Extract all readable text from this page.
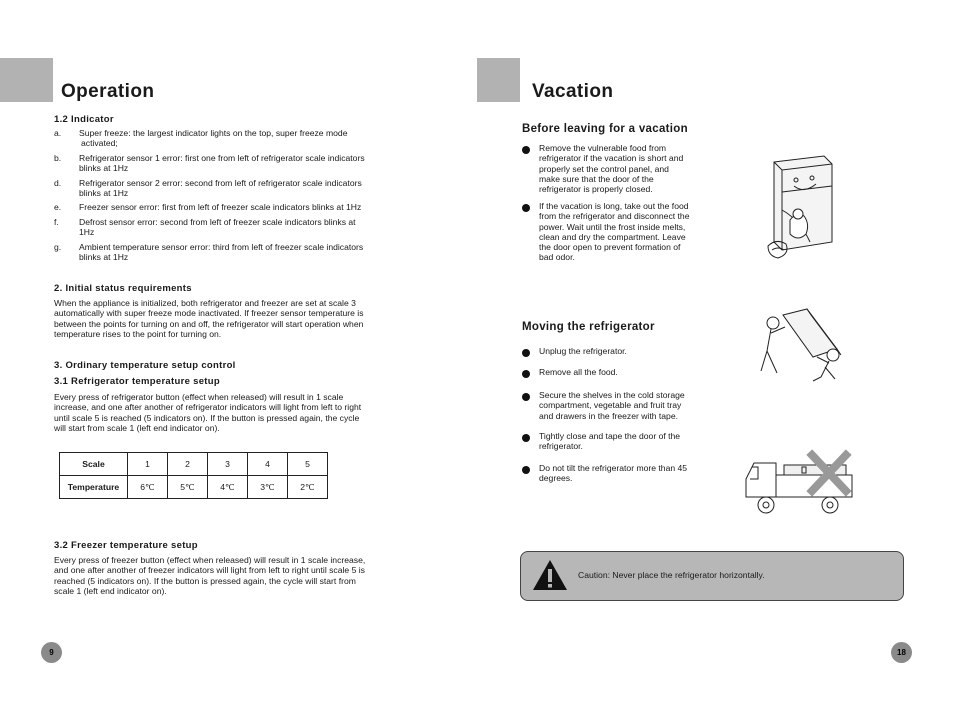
Operation
1.2 Indicator
a. Super freeze: the largest indicator lights on the top, super freeze mode
activated;
b. Refrigerator sensor 1 error: first one from left of refrigerator scale indicators
blinks at 1Hz
d. Refrigerator sensor 2 error: second from left of refrigerator scale indicators
blinks at 1Hz
e. Freezer sensor error: first from left of freezer scale indicators blinks at 1Hz
f. Defrost sensor error: second from left of freezer scale indicators blinks at
1Hz
g. Ambient temperature sensor error: third from left of freezer scale indicators
blinks at 1Hz
2. Initial status requirements
When the appliance is initialized, both refrigerator and freezer are set at scale 3
automatically with super freeze mode inactivated. If freezer sensor temperature is
between the points for turning on and off, the refrigerator will start operation when
temperature rises to the point for turning on.
3. Ordinary temperature setup control
3.1 Refrigerator temperature setup
Every press of refrigerator button (effect when released) will result in 1 scale
increase, and one after another of refrigerator indicators will light from left to right
until scale 5 is reached (5 indicators on). If the button is pressed again, the cycle
will start from scale 1 (left end indicator on).
Scale	1	2	3	4	5
Temperature	6℃	5℃	4℃	3℃	2℃
3.2 Freezer temperature setup
Every press of freezer button (effect when released) will result in 1 scale increase,
and one after another of freezer indicators will light from left to right until scale 5 is
reached (5 indicators on). If the button is pressed again, the cycle will start from
scale 1 (left end indicator on).
9
Vacation
Before leaving for a vacation
Remove the vulnerable food from
refrigerator if the vacation is short and
properly set the control panel, and
make sure that the door of the
refrigerator is properly closed.
If the vacation is long, take out the food
from the refrigerator and disconnect the
power. Wait until the frost inside melts,
clean and dry the compartment. Leave
the door open to prevent formation of
bad odor.
Moving the refrigerator
Unplug the refrigerator.
Remove all the food.
Secure the shelves in the cold storage
compartment, vegetable and fruit tray
and drawers in the freezer with tape.
Tightly close and tape the door of the
refrigerator.
Do not tilt the refrigerator more than 45
degrees.
Caution: Never place the refrigerator horizontally.
18
